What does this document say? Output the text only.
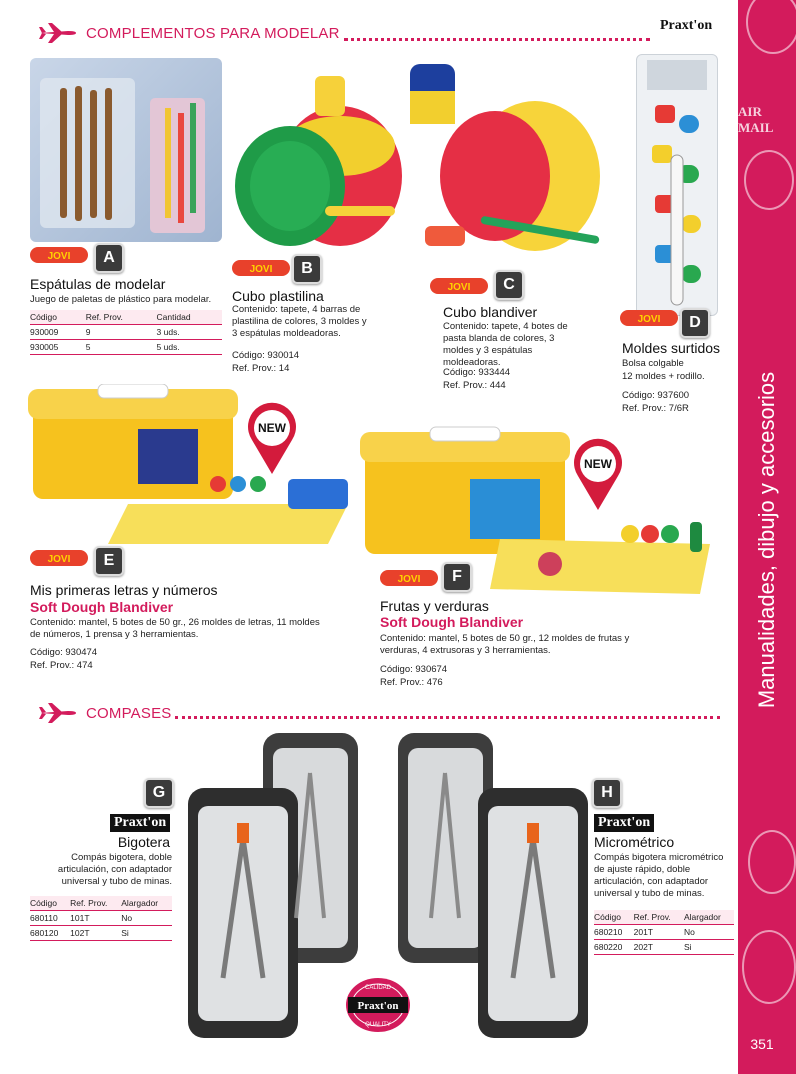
AIR MAIL
Manualidades, dibujo y accesorios
351
COMPLEMENTOS PARA MODELAR	Praxt'on
JOVI	A
Espátulas de modelar
Juego de paletas de plástico para modelar.
Código	Ref. Prov.	Cantidad
930009	9	3 uds.
930005	5	5 uds.
JOVI	B
Cubo plastilina
Contenido: tapete, 4 barras de plastilina de colores, 3 moldes y 3 espátulas moldeadoras.
Código: 930014
Ref. Prov.: 14
JOVI	C
Cubo blandiver
Contenido: tapete, 4 botes de pasta blanda de colores, 3 moldes y 3 espátulas moldeadoras.
Código: 933444
Ref. Prov.: 444
JOVI	D
Moldes surtidos
Bolsa colgable
12 moldes + rodillo.
Código: 937600
Ref. Prov.: 7/6R
NEW
JOVI	E
Mis primeras letras y números
Soft Dough Blandiver
Contenido: mantel, 5 botes de 50 gr., 26 moldes de letras, 11 moldes de números, 1 prensa y 3 herramientas.
Código: 930474
Ref. Prov.: 474
NEW
JOVI	F
Frutas y verduras
Soft Dough Blandiver
Contenido: mantel, 5 botes de 50 gr., 12 moldes de frutas y verduras, 4 extrusoras y 3 herramientas.
Código: 930674
Ref. Prov.: 476
COMPASES
CALIDAD
Praxt'on
QUALITY
G
Praxt'on
Bigotera
Compás bigotera, doble articulación, con adaptador universal y tubo de minas.
Código	Ref. Prov.	Alargador
680110	101T	No
680120	102T	Si
H
Praxt'on
Micrométrico
Compás bigotera micrométrico de ajuste rápido, doble articulación, con adaptador universal y tubo de minas.
Código	Ref. Prov.	Alargador
680210	201T	No
680220	202T	Si
